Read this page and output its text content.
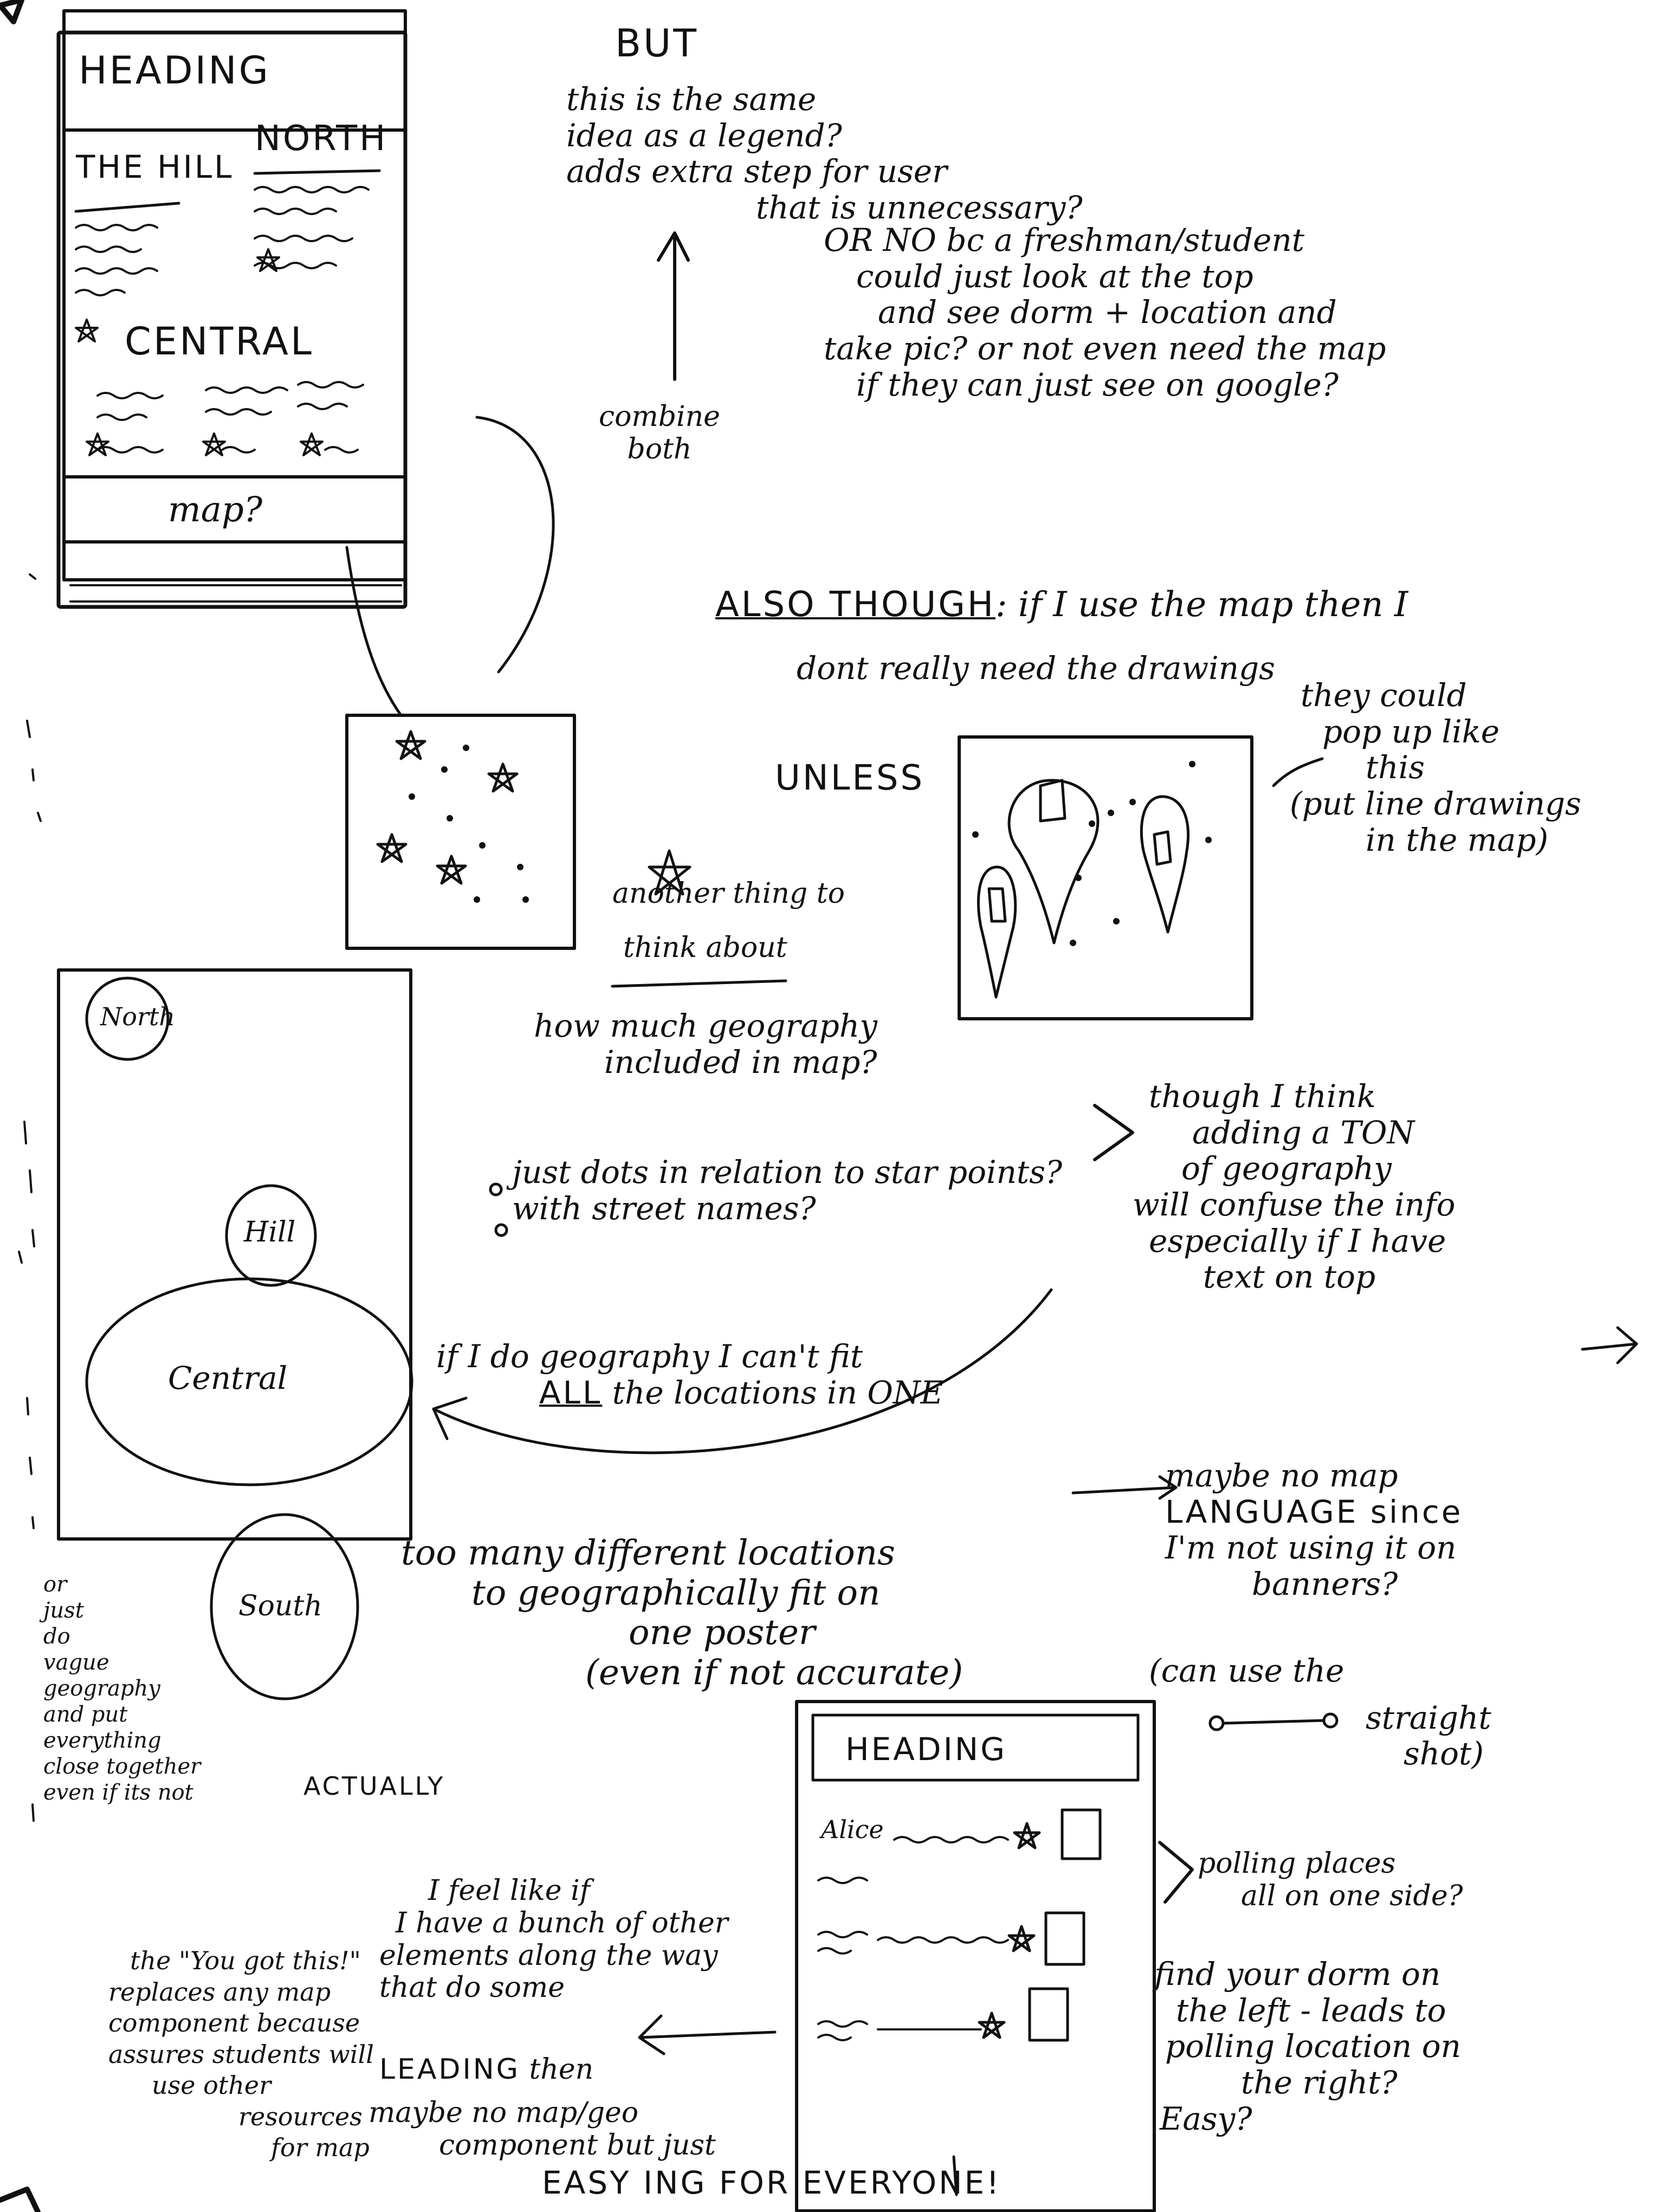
HEADING
THE HILL
NORTH
CENTRAL
map?
BUT
this is the same
idea as a legend?
adds extra step for user
that is unnecessary?
combine
both
OR NO bc a freshman/student
could just look at the top
and see dorm + location and
take pic? or not even need the map
if they can just see on google?
ALSO THOUGH: if I use the map then I
dont really need the drawings
UNLESS
they could
pop up like
this
(put line drawings
in the map)
another thing to
think about
how much geography
included in map?
just dots in relation to star points?
with street names?
though I think
adding a TON
of geography
will confuse the info
especially if I have
text on top
if I do geography I can't fit
ALL the locations in ONE
North
Hill
Central
South
too many different locations
to geographically fit on
one poster
(even if not accurate)
or
just
do
vague
geography
and put
everything
close together
even if its not	ACTUALLY
maybe no map
LANGUAGE since
I'm not using it on
banners?
(can use the
straight
shot)
HEADING
Alice
polling places
all on one side?
find your dorm on
the left - leads to
polling location on
the right?
Easy?
I feel like if
I have a bunch of other
elements along the way
that do some
LEADING then
maybe no map/geo
component but just
EASY ING FOR EVERYONE!
the "You got this!"
replaces any map
component because
assures students will
use other
resources
for map
